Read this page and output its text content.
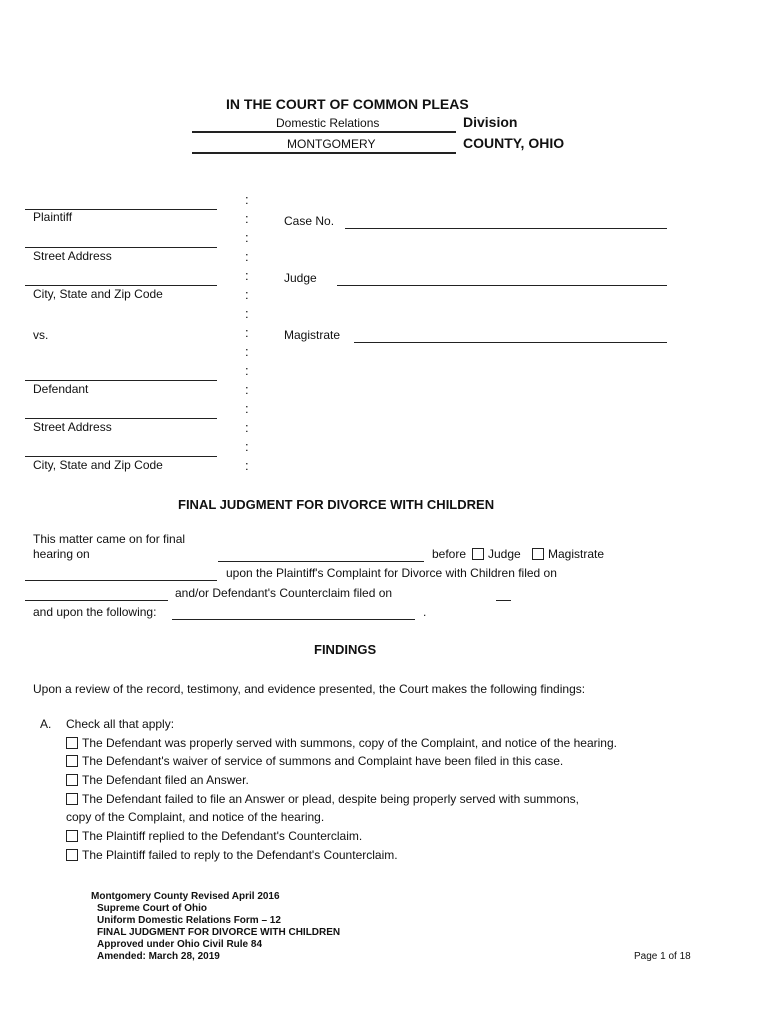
IN THE COURT OF COMMON PLEAS
Domestic Relations	Division
MONTGOMERY	COUNTY, OHIO
Plaintiff
Street Address
City, State and Zip Code
vs.
Defendant
Street Address
City, State and Zip Code
:
:
:
:
:
:
:
:
:
:
:
:
:
:
:
Case No.
Judge
Magistrate
FINAL JUDGMENT FOR DIVORCE WITH CHILDREN
This matter came on for final
hearing on	before	Judge	Magistrate
upon the Plaintiff's Complaint for Divorce with Children filed on
and/or Defendant's Counterclaim filed on
and upon the following:	.
FINDINGS
Upon a review of the record, testimony, and evidence presented, the Court makes the following findings:
A. Check all that apply:
The Defendant was properly served with summons, copy of the Complaint, and notice of the hearing.
The Defendant's waiver of service of summons and Complaint have been filed in this case.
The Defendant filed an Answer.
The Defendant failed to file an Answer or plead, despite being properly served with summons,
copy of the Complaint, and notice of the hearing.
The Plaintiff replied to the Defendant's Counterclaim.
The Plaintiff failed to reply to the Defendant's Counterclaim.
Montgomery County Revised April 2016
Supreme Court of Ohio
Uniform Domestic Relations Form – 12
FINAL JUDGMENT FOR DIVORCE WITH CHILDREN
Approved under Ohio Civil Rule 84
Amended: March 28, 2019	Page 1 of 18
